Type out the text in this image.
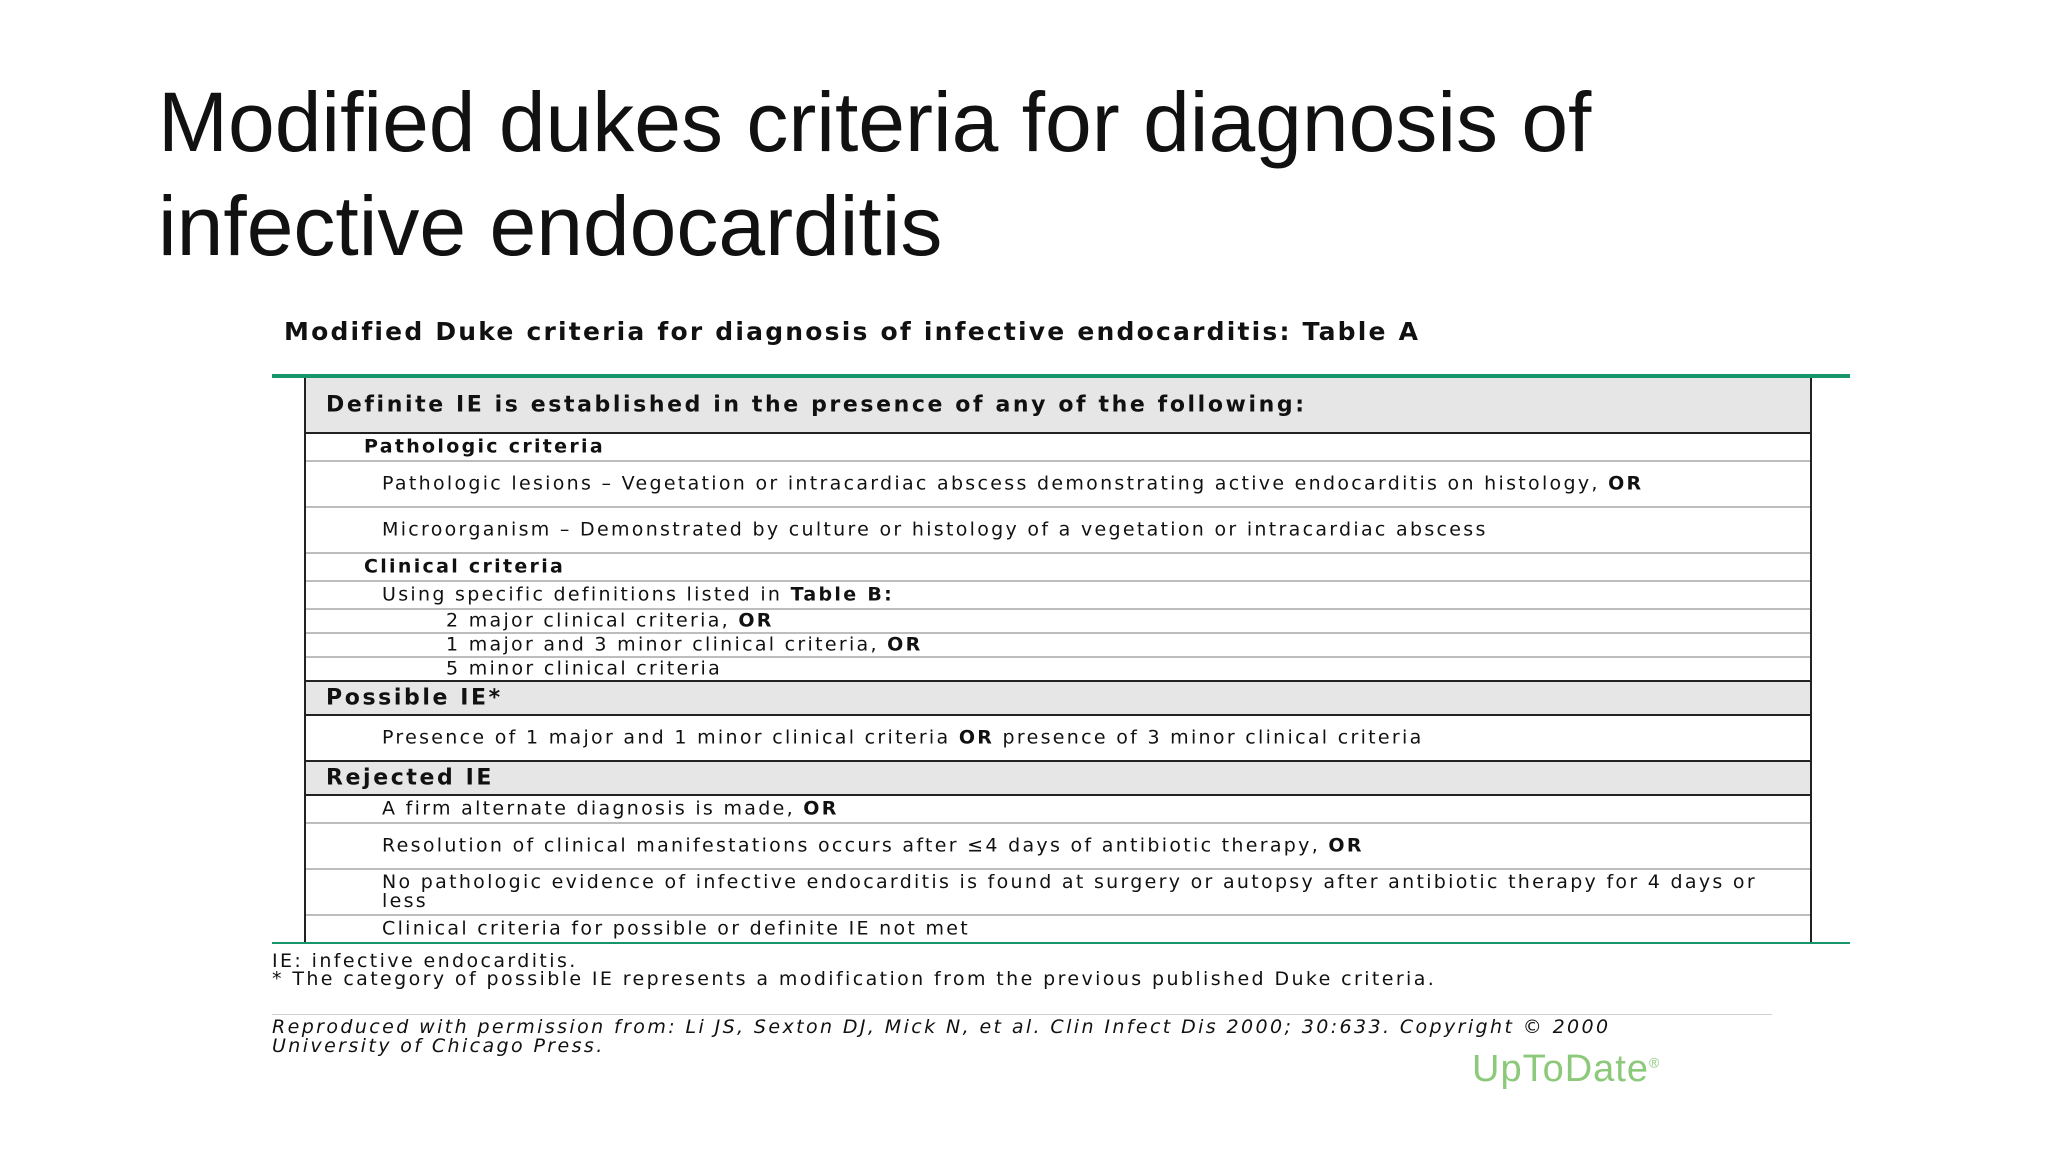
Modified dukes criteria for diagnosis of infective endocarditis
Modified Duke criteria for diagnosis of infective endocarditis: Table A
Definite IE is established in the presence of any of the following:
Pathologic criteria
Pathologic lesions – Vegetation or intracardiac abscess demonstrating active endocarditis on histology, OR
Microorganism – Demonstrated by culture or histology of a vegetation or intracardiac abscess
Clinical criteria
Using specific definitions listed in Table B:
2 major clinical criteria, OR
1 major and 3 minor clinical criteria, OR
5 minor clinical criteria
Possible IE*
Presence of 1 major and 1 minor clinical criteria OR presence of 3 minor clinical criteria
Rejected IE
A firm alternate diagnosis is made, OR
Resolution of clinical manifestations occurs after ≤4 days of antibiotic therapy, OR
No pathologic evidence of infective endocarditis is found at surgery or autopsy after antibiotic therapy for 4 days or less
Clinical criteria for possible or definite IE not met
IE: infective endocarditis.
* The category of possible IE represents a modification from the previous published Duke criteria.
Reproduced with permission from: Li JS, Sexton DJ, Mick N, et al. Clin Infect Dis 2000; 30:633. Copyright © 2000 University of Chicago Press.
UpToDate®
